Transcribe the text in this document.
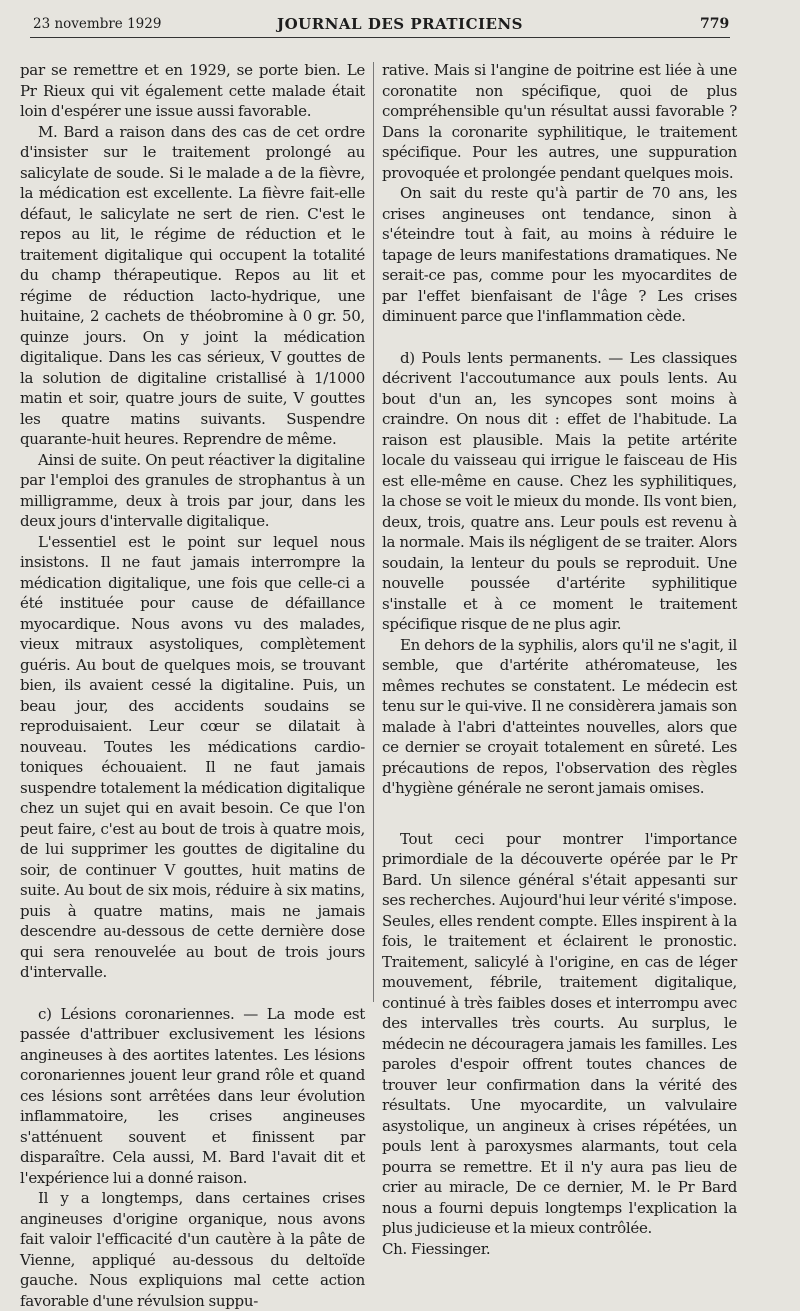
23 novembre 1929	JOURNAL DES PRATICIENS	779

par se remettre et en 1929, se porte bien. Le Pr Rieux qui vit également cette malade était loin d'espérer une issue aussi favorable.

M. Bard a raison dans des cas de cet ordre d'insister sur le traitement prolongé au salicylate de soude. Si le malade a de la fièvre, la médication est excellente. La fièvre fait-elle défaut, le salicylate ne sert de rien. C'est le repos au lit, le régime de réduction et le traitement digitalique qui occupent la totalité du champ thérapeutique. Repos au lit et régime de réduction lacto-hydrique, une huitaine, 2 cachets de théobromine à 0 gr. 50, quinze jours. On y joint la médication digitalique. Dans les cas sérieux, V gouttes de la solution de digitaline cristallisé à 1/1000 matin et soir, quatre jours de suite, V gouttes les quatre matins suivants. Suspendre quarante-huit heures. Reprendre de même.

Ainsi de suite. On peut réactiver la digitaline par l'emploi des granules de strophantus à un milligramme, deux à trois par jour, dans les deux jours d'intervalle digitalique.

L'essentiel est le point sur lequel nous insistons. Il ne faut jamais interrompre la médication digitalique, une fois que celle-ci a été instituée pour cause de défaillance myocardique. Nous avons vu des malades, vieux mitraux asystoliques, complètement guéris. Au bout de quelques mois, se trouvant bien, ils avaient cessé la digitaline. Puis, un beau jour, des accidents soudains se reproduisaient. Leur cœur se dilatait à nouveau. Toutes les médications cardio-toniques échouaient. Il ne faut jamais suspendre totalement la médication digitalique chez un sujet qui en avait besoin. Ce que l'on peut faire, c'est au bout de trois à quatre mois, de lui supprimer les gouttes de digitaline du soir, de continuer V gouttes, huit matins de suite. Au bout de six mois, réduire à six matins, puis à quatre matins, mais ne jamais descendre au-dessous de cette dernière dose qui sera renouvelée au bout de trois jours d'intervalle.

c) Lésions coronariennes. — La mode est passée d'attribuer exclusivement les lésions angineuses à des aortites latentes. Les lésions coronariennes jouent leur grand rôle et quand ces lésions sont arrêtées dans leur évolution inflammatoire, les crises angineuses s'atténuent souvent et finissent par disparaître. Cela aussi, M. Bard l'avait dit et l'expérience lui a donné raison.

Il y a longtemps, dans certaines crises angineuses d'origine organique, nous avons fait valoir l'efficacité d'un cautère à la pâte de Vienne, appliqué au-dessous du deltoïde gauche. Nous expliquions mal cette action favorable d'une révulsion suppu-

rative. Mais si l'angine de poitrine est liée à une coronatite non spécifique, quoi de plus compréhensible qu'un résultat aussi favorable ? Dans la coronarite syphilitique, le traitement spécifique. Pour les autres, une suppuration provoquée et prolongée pendant quelques mois.

On sait du reste qu'à partir de 70 ans, les crises angineuses ont tendance, sinon à s'éteindre tout à fait, au moins à réduire le tapage de leurs manifestations dramatiques. Ne serait-ce pas, comme pour les myocardites de par l'effet bienfaisant de l'âge ? Les crises diminuent parce que l'inflammation cède.

d) Pouls lents permanents. — Les classiques décrivent l'accoutumance aux pouls lents. Au bout d'un an, les syncopes sont moins à craindre. On nous dit : effet de l'habitude. La raison est plausible. Mais la petite artérite locale du vaisseau qui irrigue le faisceau de His est elle-même en cause. Chez les syphilitiques, la chose se voit le mieux du monde. Ils vont bien, deux, trois, quatre ans. Leur pouls est revenu à la normale. Mais ils négligent de se traiter. Alors soudain, la lenteur du pouls se reproduit. Une nouvelle poussée d'artérite syphilitique s'installe et à ce moment le traitement spécifique risque de ne plus agir.

En dehors de la syphilis, alors qu'il ne s'agit, il semble, que d'artérite athéromateuse, les mêmes rechutes se constatent. Le médecin est tenu sur le qui-vive. Il ne considèrera jamais son malade à l'abri d'atteintes nouvelles, alors que ce dernier se croyait totalement en sûreté. Les précautions de repos, l'observation des règles d'hygiène générale ne seront jamais omises.

Tout ceci pour montrer l'importance primordiale de la découverte opérée par le Pr Bard. Un silence général s'était appesanti sur ses recherches. Aujourd'hui leur vérité s'impose. Seules, elles rendent compte. Elles inspirent à la fois, le traitement et éclairent le pronostic. Traitement, salicylé à l'origine, en cas de léger mouvement, fébrile, traitement digitalique, continué à très faibles doses et interrompu avec des intervalles très courts. Au surplus, le médecin ne découragera jamais les familles. Les paroles d'espoir offrent toutes chances de trouver leur confirmation dans la vérité des résultats. Une myocardite, un valvulaire asystolique, un angineux à crises répétées, un pouls lent à paroxysmes alarmants, tout cela pourra se remettre. Et il n'y aura pas lieu de crier au miracle, De ce dernier, M. le Pr Bard nous a fourni depuis longtemps l'explication la plus judicieuse et la mieux contrôlée.

Ch. Fiessinger.
